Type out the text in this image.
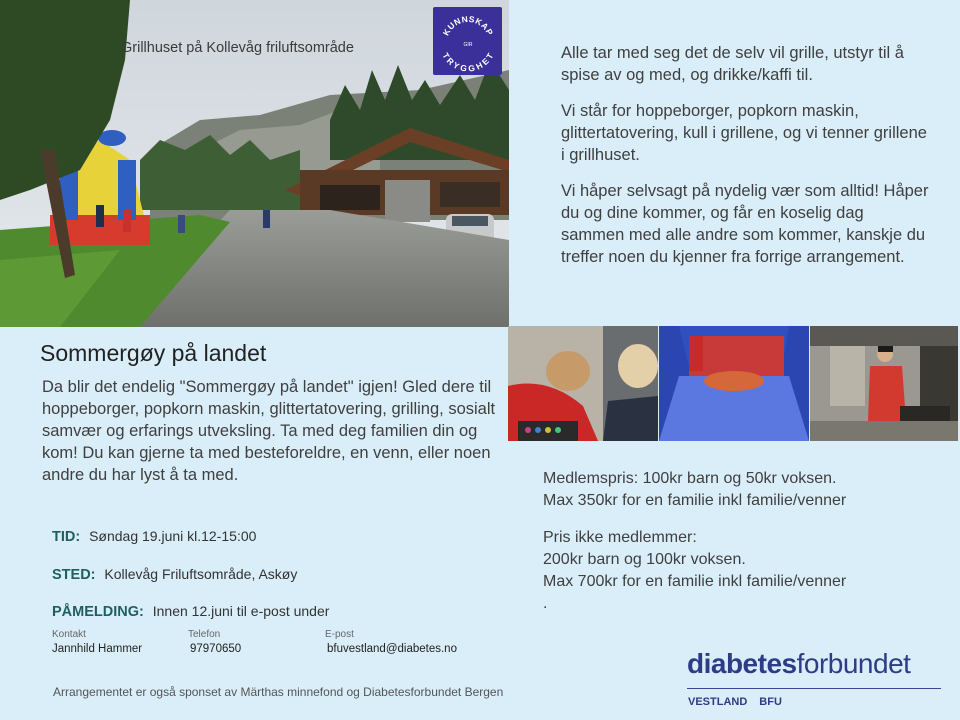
Grillhuset på Kollevåg friluftsområde
KUNNSKAP
GIR
TRYGGHET	Alle tar med seg det de selv vil grille, utstyr til å spise av og med, og drikke/kaffi til.
Vi står for hoppeborger, popkorn maskin, glittertatovering, kull i grillene, og vi tenner grillene i grillhuset.
Vi håper selvsagt på nydelig vær som alltid! Håper du og dine kommer, og får en koselig dag sammen med alle andre som kommer, kanskje du treffer noen du kjenner fra forrige arrangement.
Sommergøy på landet
Da blir det endelig "Sommergøy på landet" igjen! Gled dere til hoppeborger, popkorn maskin, glittertatovering, grilling, sosialt samvær og erfarings utveksling. Ta med deg familien din og kom! Du kan gjerne ta med besteforeldre, en venn, eller noen andre du har lyst å ta med.
TID: Søndag 19.juni kl.12-15:00
STED: Kollevåg Friluftsområde, Askøy
PÅMELDING: Innen 12.juni til e-post under
Kontakt
Jannhild Hammer
Telefon
97970650
E-post
bfuvestland@diabetes.no
Arrangementet er også sponset av Märthas minnefond og Diabetesforbundet Bergen
Medlemspris: 100kr barn og 50kr voksen.
Max 350kr for en familie inkl familie/venner
Pris ikke medlemmer:
200kr barn og 100kr voksen.
Max 700kr for en familie inkl familie/venner
.
diabetesforbundet
VESTLAND BFU
